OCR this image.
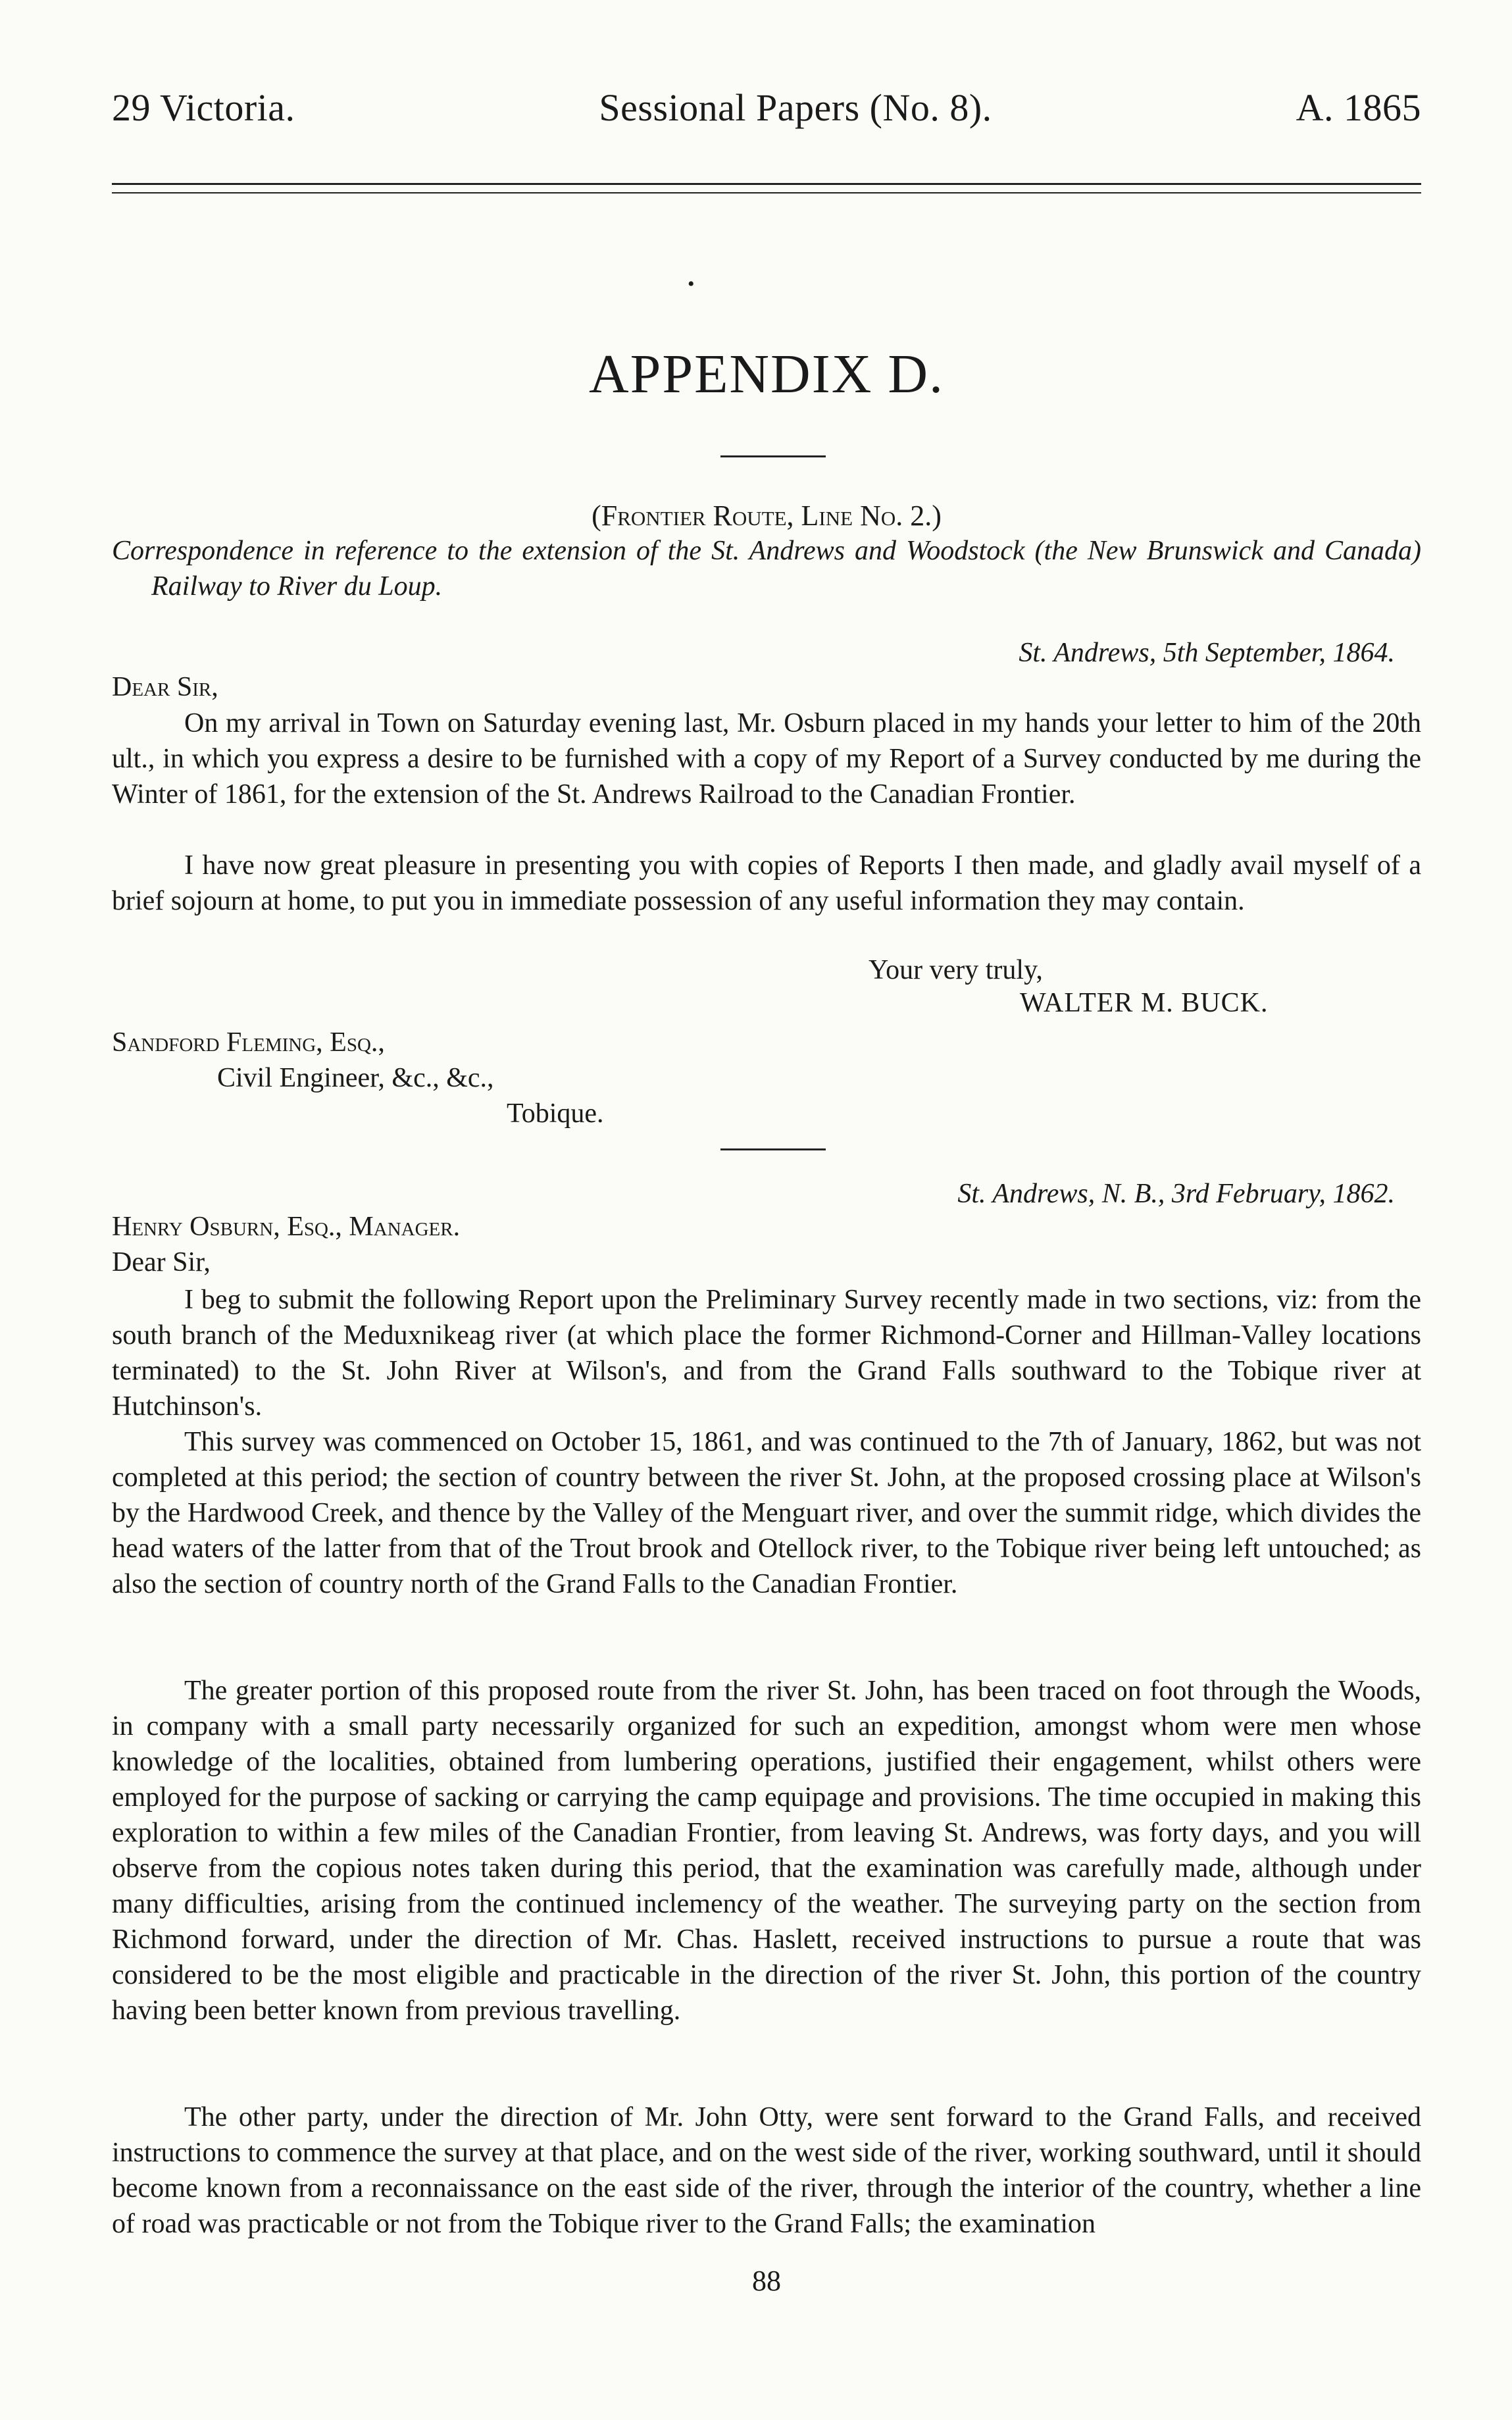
29 Victoria.	Sessional Papers (No. 8).	A. 1865
•
APPENDIX D.
(Frontier Route, Line No. 2.)
Correspondence in reference to the extension of the St. Andrews and Woodstock (the New Brunswick and Canada) Railway to River du Loup.
St. Andrews, 5th September, 1864.
Dear Sir,

On my arrival in Town on Saturday evening last, Mr. Osburn placed in my hands your letter to him of the 20th ult., in which you express a desire to be furnished with a copy of my Report of a Survey conducted by me during the Winter of 1861, for the extension of the St. Andrews Railroad to the Canadian Frontier.

I have now great pleasure in presenting you with copies of Reports I then made, and gladly avail myself of a brief sojourn at home, to put you in immediate possession of any useful information they may contain.

Your very truly,
WALTER M. BUCK.
Sandford Fleming, Esq.,
Civil Engineer, &c., &c.,
Tobique.
St. Andrews, N. B., 3rd February, 1862.
Henry Osburn, Esq., Manager.
Dear Sir,

I beg to submit the following Report upon the Preliminary Survey recently made in two sections, viz: from the south branch of the Meduxnikeag river (at which place the former Richmond-Corner and Hillman-Valley locations terminated) to the St. John River at Wilson's, and from the Grand Falls southward to the Tobique river at Hutchinson's.

This survey was commenced on October 15, 1861, and was continued to the 7th of January, 1862, but was not completed at this period; the section of country between the river St. John, at the proposed crossing place at Wilson's by the Hardwood Creek, and thence by the Valley of the Menguart river, and over the summit ridge, which divides the head waters of the latter from that of the Trout brook and Otellock river, to the Tobique river being left untouched; as also the section of country north of the Grand Falls to the Canadian Frontier.

The greater portion of this proposed route from the river St. John, has been traced on foot through the Woods, in company with a small party necessarily organized for such an expedition, amongst whom were men whose knowledge of the localities, obtained from lumbering operations, justified their engagement, whilst others were employed for the purpose of sacking or carrying the camp equipage and provisions. The time occupied in making this exploration to within a few miles of the Canadian Frontier, from leaving St. Andrews, was forty days, and you will observe from the copious notes taken during this period, that the examination was carefully made, although under many difficulties, arising from the continued inclemency of the weather. The surveying party on the section from Richmond forward, under the direction of Mr. Chas. Haslett, received instructions to pursue a route that was considered to be the most eligible and practicable in the direction of the river St. John, this portion of the country having been better known from previous travelling.

The other party, under the direction of Mr. John Otty, were sent forward to the Grand Falls, and received instructions to commence the survey at that place, and on the west side of the river, working southward, until it should become known from a reconnaissance on the east side of the river, through the interior of the country, whether a line of road was practicable or not from the Tobique river to the Grand Falls; the examination

88
